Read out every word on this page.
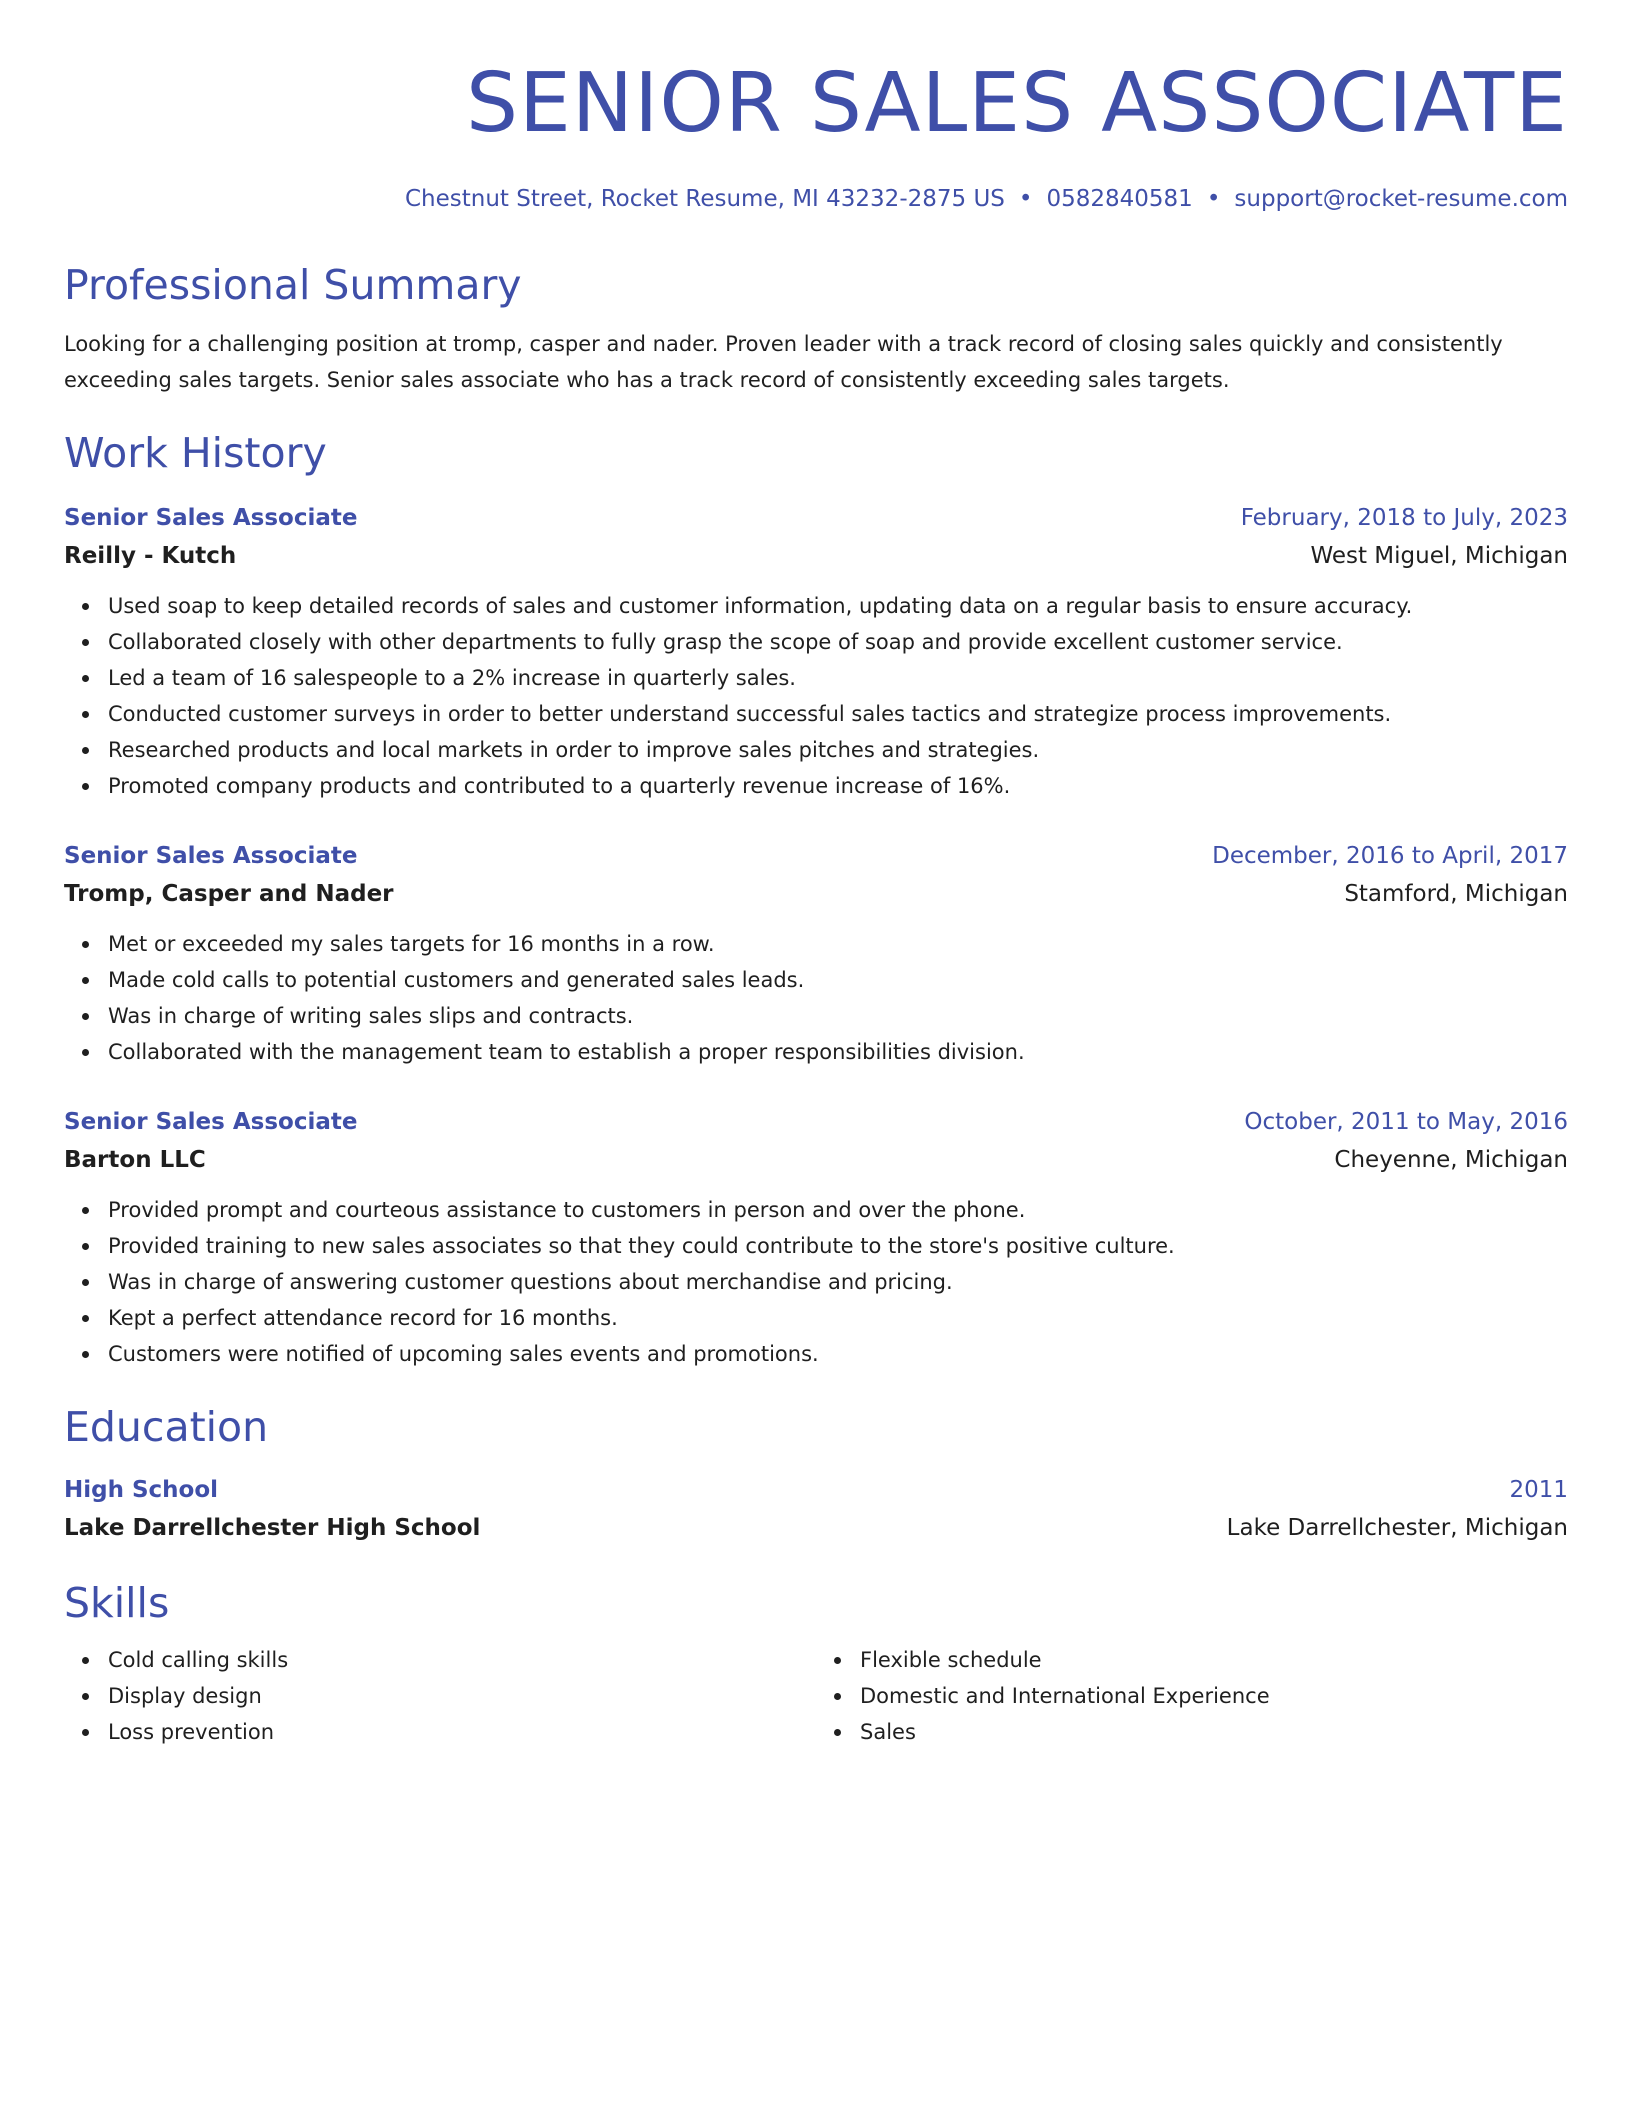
SENIOR SALES ASSOCIATE
Chestnut Street, Rocket Resume, MI 43232-2875 US • 0582840581 • support@rocket-resume.com
Professional Summary

Looking for a challenging position at tromp, casper and nader. Proven leader with a track record of closing sales quickly and consistently exceeding sales targets. Senior sales associate who has a track record of consistently exceeding sales targets.

Work History
Senior Sales Associate	February, 2018 to July, 2023
Reilly - Kutch	West Miguel, Michigan
Used soap to keep detailed records of sales and customer information, updating data on a regular basis to ensure accuracy.
Collaborated closely with other departments to fully grasp the scope of soap and provide excellent customer service.
Led a team of 16 salespeople to a 2% increase in quarterly sales.
Conducted customer surveys in order to better understand successful sales tactics and strategize process improvements.
Researched products and local markets in order to improve sales pitches and strategies.
Promoted company products and contributed to a quarterly revenue increase of 16%.
Senior Sales Associate	December, 2016 to April, 2017
Tromp, Casper and Nader	Stamford, Michigan
Met or exceeded my sales targets for 16 months in a row.
Made cold calls to potential customers and generated sales leads.
Was in charge of writing sales slips and contracts.
Collaborated with the management team to establish a proper responsibilities division.
Senior Sales Associate	October, 2011 to May, 2016
Barton LLC	Cheyenne, Michigan
Provided prompt and courteous assistance to customers in person and over the phone.
Provided training to new sales associates so that they could contribute to the store's positive culture.
Was in charge of answering customer questions about merchandise and pricing.
Kept a perfect attendance record for 16 months.
Customers were notified of upcoming sales events and promotions.
Education
High School	2011
Lake Darrellchester High School	Lake Darrellchester, Michigan
Skills
Cold calling skills
Display design
Loss prevention
Flexible schedule
Domestic and International Experience
Sales
